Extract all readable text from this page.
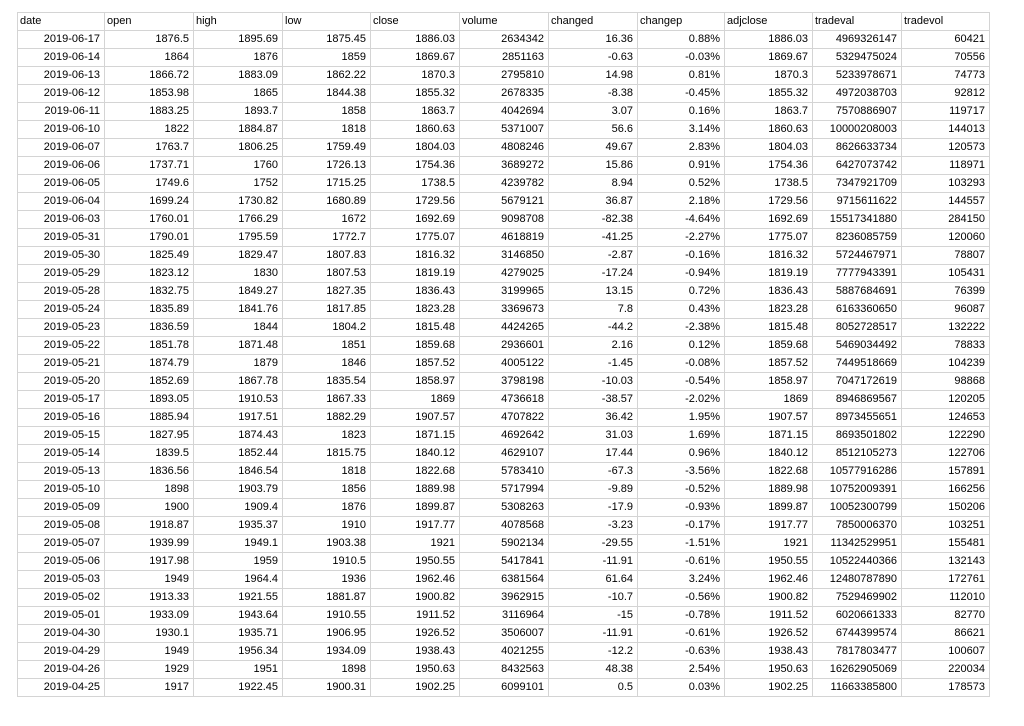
date	open	high	low	close	volume	changed	changep	adjclose	tradeval	tradevol
2019-06-17	1876.5	1895.69	1875.45	1886.03	2634342	16.36	0.88%	1886.03	4969326147	60421
2019-06-14	1864	1876	1859	1869.67	2851163	-0.63	-0.03%	1869.67	5329475024	70556
2019-06-13	1866.72	1883.09	1862.22	1870.3	2795810	14.98	0.81%	1870.3	5233978671	74773
2019-06-12	1853.98	1865	1844.38	1855.32	2678335	-8.38	-0.45%	1855.32	4972038703	92812
2019-06-11	1883.25	1893.7	1858	1863.7	4042694	3.07	0.16%	1863.7	7570886907	119717
2019-06-10	1822	1884.87	1818	1860.63	5371007	56.6	3.14%	1860.63	10000208003	144013
2019-06-07	1763.7	1806.25	1759.49	1804.03	4808246	49.67	2.83%	1804.03	8626633734	120573
2019-06-06	1737.71	1760	1726.13	1754.36	3689272	15.86	0.91%	1754.36	6427073742	118971
2019-06-05	1749.6	1752	1715.25	1738.5	4239782	8.94	0.52%	1738.5	7347921709	103293
2019-06-04	1699.24	1730.82	1680.89	1729.56	5679121	36.87	2.18%	1729.56	9715611622	144557
2019-06-03	1760.01	1766.29	1672	1692.69	9098708	-82.38	-4.64%	1692.69	15517341880	284150
2019-05-31	1790.01	1795.59	1772.7	1775.07	4618819	-41.25	-2.27%	1775.07	8236085759	120060
2019-05-30	1825.49	1829.47	1807.83	1816.32	3146850	-2.87	-0.16%	1816.32	5724467971	78807
2019-05-29	1823.12	1830	1807.53	1819.19	4279025	-17.24	-0.94%	1819.19	7777943391	105431
2019-05-28	1832.75	1849.27	1827.35	1836.43	3199965	13.15	0.72%	1836.43	5887684691	76399
2019-05-24	1835.89	1841.76	1817.85	1823.28	3369673	7.8	0.43%	1823.28	6163360650	96087
2019-05-23	1836.59	1844	1804.2	1815.48	4424265	-44.2	-2.38%	1815.48	8052728517	132222
2019-05-22	1851.78	1871.48	1851	1859.68	2936601	2.16	0.12%	1859.68	5469034492	78833
2019-05-21	1874.79	1879	1846	1857.52	4005122	-1.45	-0.08%	1857.52	7449518669	104239
2019-05-20	1852.69	1867.78	1835.54	1858.97	3798198	-10.03	-0.54%	1858.97	7047172619	98868
2019-05-17	1893.05	1910.53	1867.33	1869	4736618	-38.57	-2.02%	1869	8946869567	120205
2019-05-16	1885.94	1917.51	1882.29	1907.57	4707822	36.42	1.95%	1907.57	8973455651	124653
2019-05-15	1827.95	1874.43	1823	1871.15	4692642	31.03	1.69%	1871.15	8693501802	122290
2019-05-14	1839.5	1852.44	1815.75	1840.12	4629107	17.44	0.96%	1840.12	8512105273	122706
2019-05-13	1836.56	1846.54	1818	1822.68	5783410	-67.3	-3.56%	1822.68	10577916286	157891
2019-05-10	1898	1903.79	1856	1889.98	5717994	-9.89	-0.52%	1889.98	10752009391	166256
2019-05-09	1900	1909.4	1876	1899.87	5308263	-17.9	-0.93%	1899.87	10052300799	150206
2019-05-08	1918.87	1935.37	1910	1917.77	4078568	-3.23	-0.17%	1917.77	7850006370	103251
2019-05-07	1939.99	1949.1	1903.38	1921	5902134	-29.55	-1.51%	1921	11342529951	155481
2019-05-06	1917.98	1959	1910.5	1950.55	5417841	-11.91	-0.61%	1950.55	10522440366	132143
2019-05-03	1949	1964.4	1936	1962.46	6381564	61.64	3.24%	1962.46	12480787890	172761
2019-05-02	1913.33	1921.55	1881.87	1900.82	3962915	-10.7	-0.56%	1900.82	7529469902	112010
2019-05-01	1933.09	1943.64	1910.55	1911.52	3116964	-15	-0.78%	1911.52	6020661333	82770
2019-04-30	1930.1	1935.71	1906.95	1926.52	3506007	-11.91	-0.61%	1926.52	6744399574	86621
2019-04-29	1949	1956.34	1934.09	1938.43	4021255	-12.2	-0.63%	1938.43	7817803477	100607
2019-04-26	1929	1951	1898	1950.63	8432563	48.38	2.54%	1950.63	16262905069	220034
2019-04-25	1917	1922.45	1900.31	1902.25	6099101	0.5	0.03%	1902.25	11663385800	178573
